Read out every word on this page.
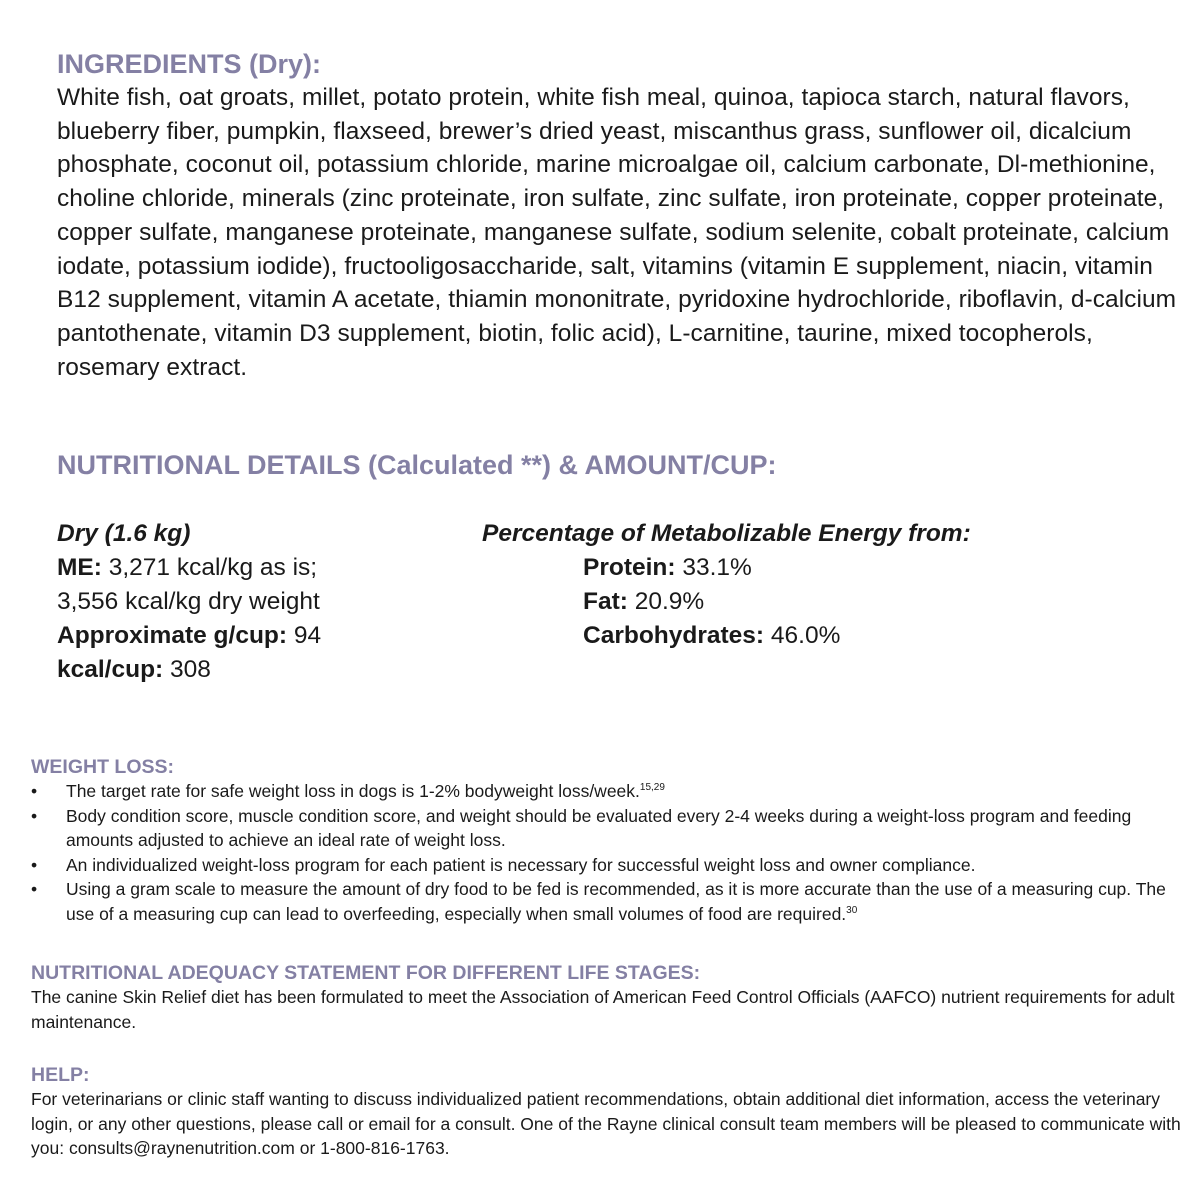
INGREDIENTS (Dry):

White fish, oat groats, millet, potato protein, white fish meal, quinoa, tapioca starch, natural flavors, blueberry fiber, pumpkin, flaxseed, brewer’s dried yeast, miscanthus grass, sunflower oil, dicalcium phosphate, coconut oil, potassium chloride, marine microalgae oil, calcium carbonate, Dl-methionine, choline chloride, minerals (zinc proteinate, iron sulfate, zinc sulfate, iron proteinate, copper proteinate, copper sulfate, manganese proteinate, manganese sulfate, sodium selenite, cobalt proteinate, calcium iodate, potassium iodide), fructooligosaccharide, salt, vitamins (vitamin E supplement, niacin, vitamin B12 supplement, vitamin A acetate, thiamin mononitrate, pyridoxine hydrochloride, riboflavin, d-calcium pantothenate, vitamin D3 supplement, biotin, folic acid), L-carnitine, taurine, mixed tocopherols, rosemary extract.

NUTRITIONAL DETAILS (Calculated **) & AMOUNT/CUP:
Dry (1.6 kg)
ME: 3,271 kcal/kg as is;
3,556 kcal/kg dry weight
Approximate g/cup: 94
kcal/cup: 308
Percentage of Metabolizable Energy from:
Protein: 33.1%
Fat: 20.9%
Carbohydrates: 46.0%
WEIGHT LOSS:
• The target rate for safe weight loss in dogs is 1-2% bodyweight loss/week.$^{15,29}$
• Body condition score, muscle condition score, and weight should be evaluated every 2-4 weeks during a weight-loss program and feeding amounts adjusted to achieve an ideal rate of weight loss.
• An individualized weight-loss program for each patient is necessary for successful weight loss and owner compliance.
• Using a gram scale to measure the amount of dry food to be fed is recommended, as it is more accurate than the use of a measuring cup. The use of a measuring cup can lead to overfeeding, especially when small volumes of food are required.$^{30}$
NUTRITIONAL ADEQUACY STATEMENT FOR DIFFERENT LIFE STAGES:

The canine Skin Relief diet has been formulated to meet the Association of American Feed Control Officials (AAFCO) nutrient requirements for adult maintenance.

HELP:

For veterinarians or clinic staff wanting to discuss individualized patient recommendations, obtain additional diet information, access the veterinary login, or any other questions, please call or email for a consult. One of the Rayne clinical consult team members will be pleased to communicate with you: consults@raynenutrition.com or 1-800-816-1763.
